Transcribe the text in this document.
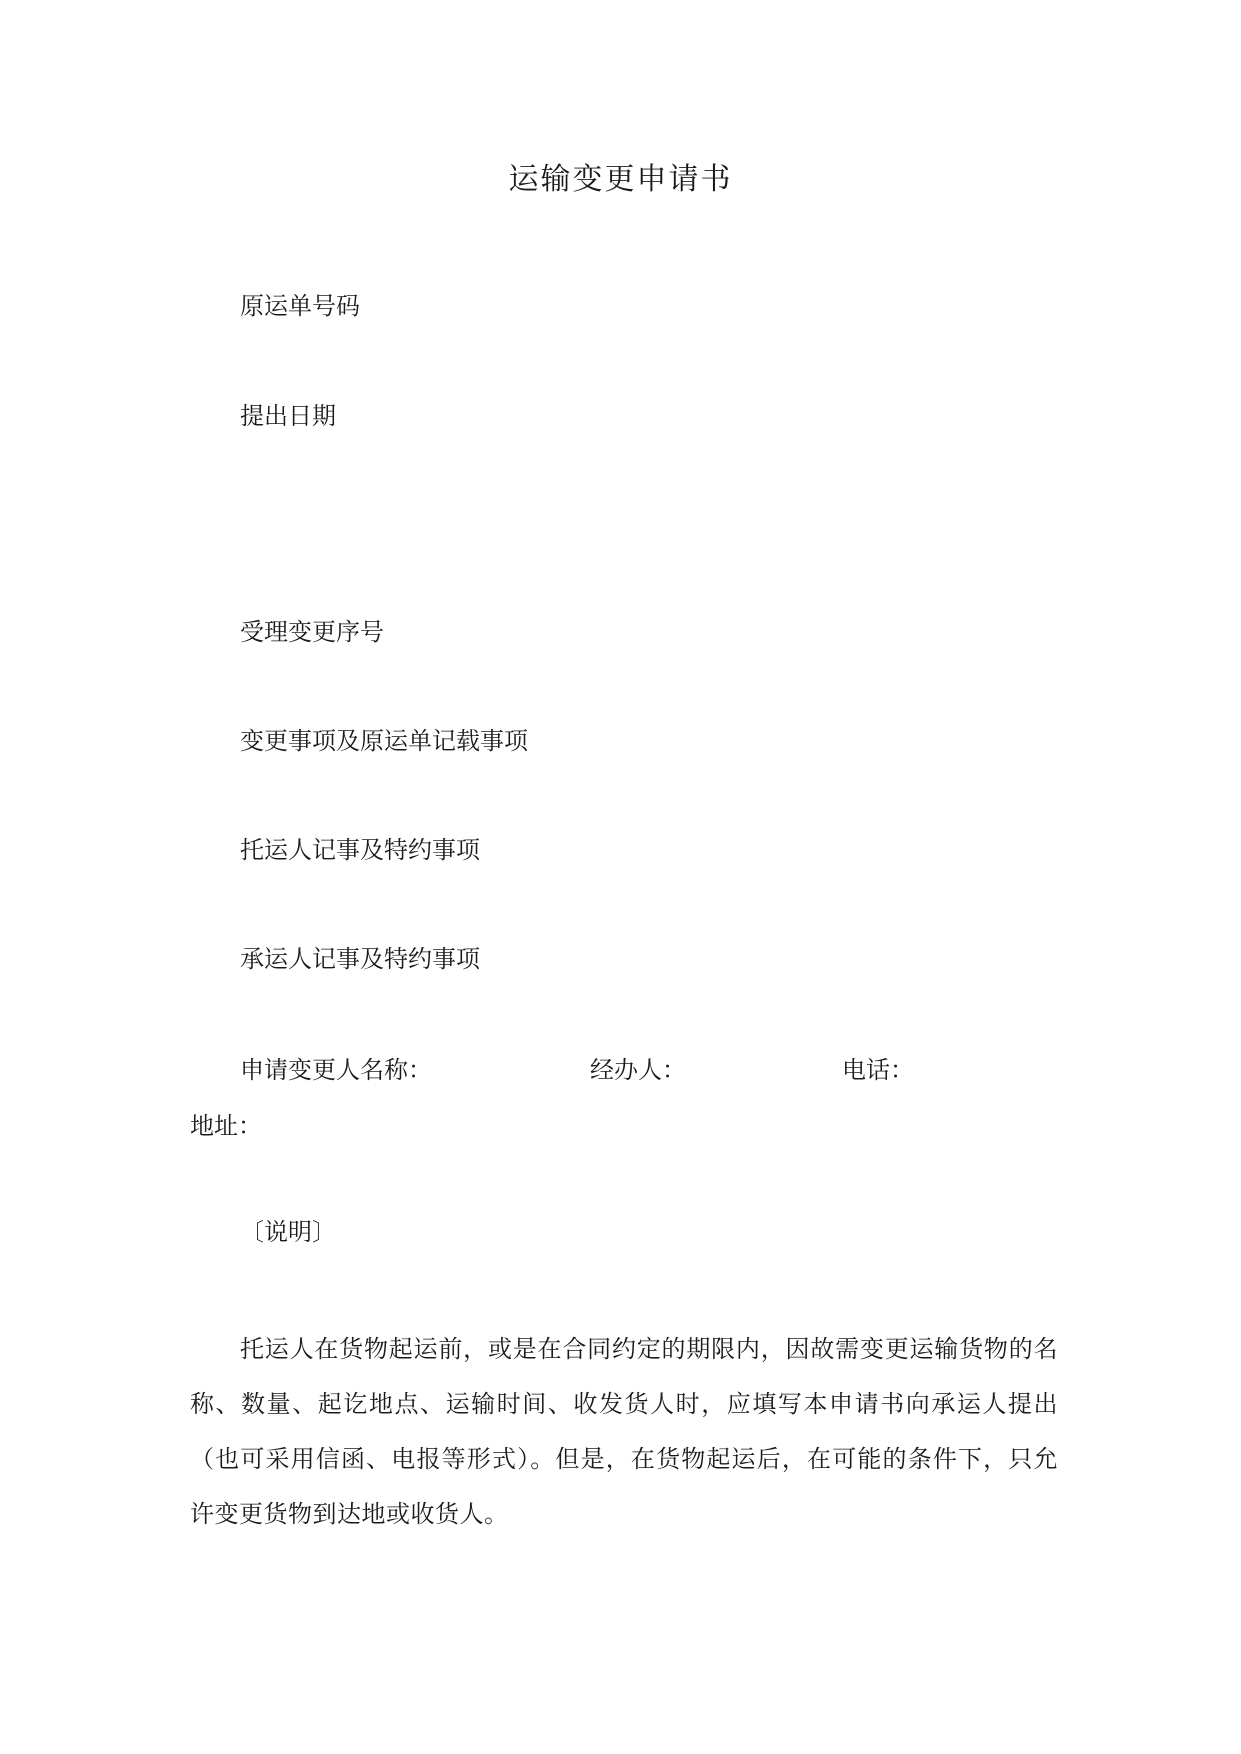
运输变更申请书
原运单号码
提出日期
受理变更序号
变更事项及原运单记载事项
托运人记事及特约事项
承运人记事及特约事项
申请变更人名称：	经办人：	电话：
地址：
〔说明〕
托运人在货物起运前，或是在合同约定的期限内，因故需变更运输货物的名称、数量、起讫地点、运输时间、收发货人时，应填写本申请书向承运人提出（也可采用信函、电报等形式）。但是，在货物起运后，在可能的条件下，只允许变更货物到达地或收货人。
